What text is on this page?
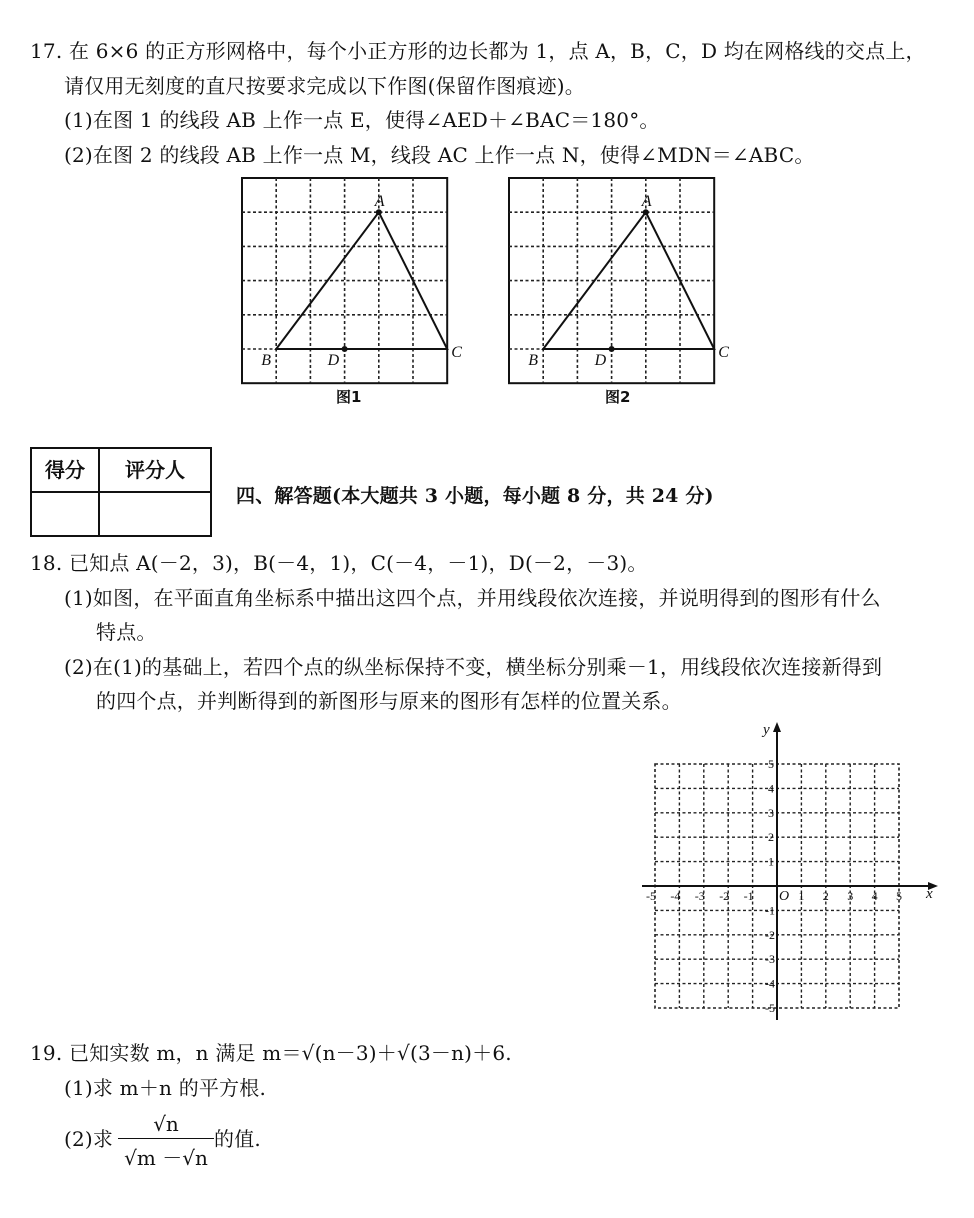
17. 在 6×6 的正方形网格中，每个小正方形的边长都为 1，点 A，B，C，D 均在网格线的交点上，
请仅用无刻度的直尺按要求完成以下作图(保留作图痕迹)。
(1)在图 1 的线段 AB 上作一点 E，使得∠AED＋∠BAC＝180°。
(2)在图 2 的线段 AB 上作一点 M，线段 AC 上作一点 N，使得∠MDN＝∠ABC。
A
B	C
D
图1
A
B	C
D
图2
得分	评分人
四、解答题(本大题共 3 小题，每小题 8 分，共 24 分)
18. 已知点 A(－2，3)，B(－4，1)，C(－4，－1)，D(－2，－3)。
(1)如图，在平面直角坐标系中描出这四个点，并用线段依次连接，并说明得到的图形有什么
特点。
(2)在(1)的基础上，若四个点的纵坐标保持不变，横坐标分别乘－1，用线段依次连接新得到
的四个点，并判断得到的新图形与原来的图形有怎样的位置关系。
x
y
O
-5 -4 -3 -2 -1	1 2 3 4 5
5
4
3
2
1
-1
-2
-3
-4
-5
19. 已知实数 m，n 满足 m＝√(n－3)＋√(3－n)＋6.
(1)求 m＋n 的平方根.
(2)求
√n
√m －√n
的值.
